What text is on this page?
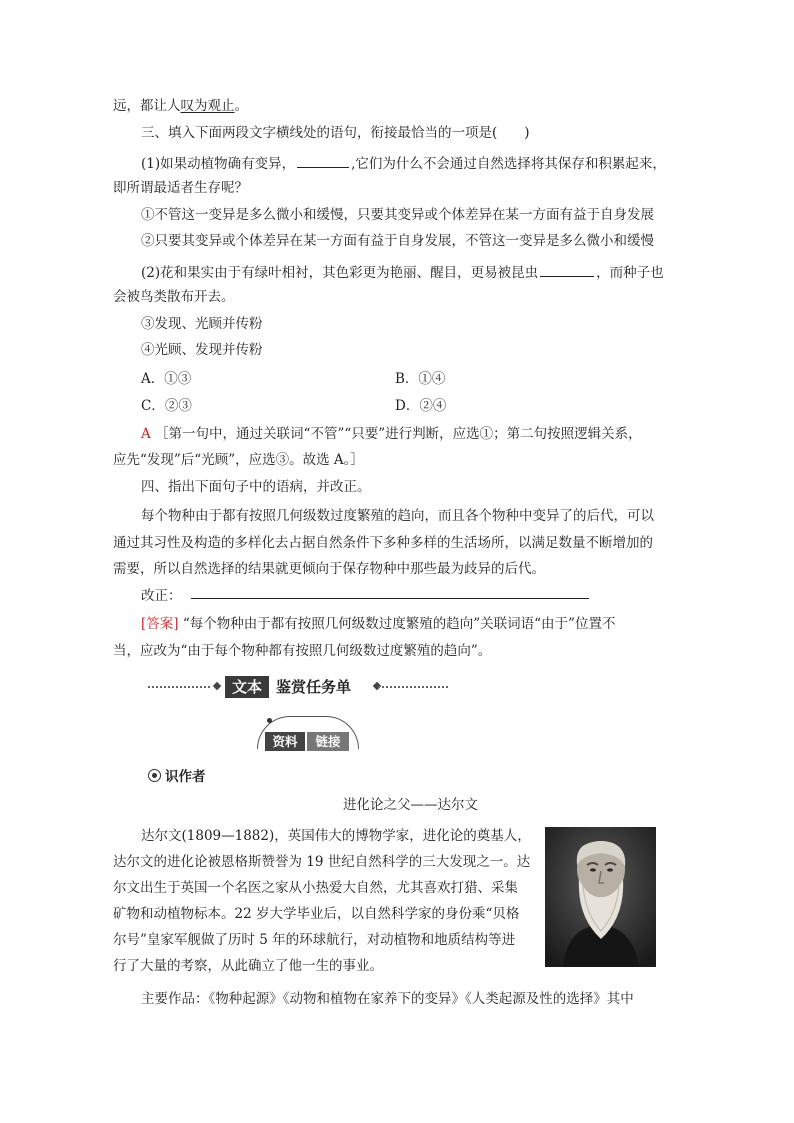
远，都让人叹为观止。
三、填入下面两段文字横线处的语句，衔接最恰当的一项是(　　)
(1)如果动植物确有变异，	,它们为什么不会通过自然选择将其保存和积累起来，
即所谓最适者生存呢？
①不管这一变异是多么微小和缓慢，只要其变异或个体差异在某一方面有益于自身发展
②只要其变异或个体差异在某一方面有益于自身发展，不管这一变异是多么微小和缓慢
(2)花和果实由于有绿叶相衬，其色彩更为艳丽、醒目，更易被昆虫	，而种子也
会被鸟类散布开去。
③发现、光顾并传粉
④光顾、发现并传粉
A．①③	B．①④
C．②③	D．②④
A ［第一句中，通过关联词“不管”“只要”进行判断，应选①；第二句按照逻辑关系，
应先“发现”后“光顾”，应选③。故选 A。］
四、指出下面句子中的语病，并改正。
每个物种由于都有按照几何级数过度繁殖的趋向，而且各个物种中变异了的后代，可以
通过其习性及构造的多样化去占据自然条件下多种多样的生活场所，以满足数量不断增加的
需要，所以自然选择的结果就更倾向于保存物种中那些最为歧异的后代。
改正：
[答案] “每个物种由于都有按照几何级数过度繁殖的趋向”关联词语“由于”位置不
当，应改为“由于每个物种都有按照几何级数过度繁殖的趋向”。
识作者
进化论之父——达尔文
达尔文(1809—1882)，英国伟大的博物学家，进化论的奠基人，
达尔文的进化论被恩格斯赞誉为 19 世纪自然科学的三大发现之一。达
尔文出生于英国一个名医之家从小热爱大自然，尤其喜欢打猎、采集
矿物和动植物标本。22 岁大学毕业后，以自然科学家的身份乘“贝格
尔号”皇家军舰做了历时 5 年的环球航行，对动植物和地质结构等进
行了大量的考察，从此确立了他一生的事业。
主要作品：《物种起源》《动物和植物在家养下的变异》《人类起源及性的选择》其中
文本 鉴赏任务单
资料	链接
